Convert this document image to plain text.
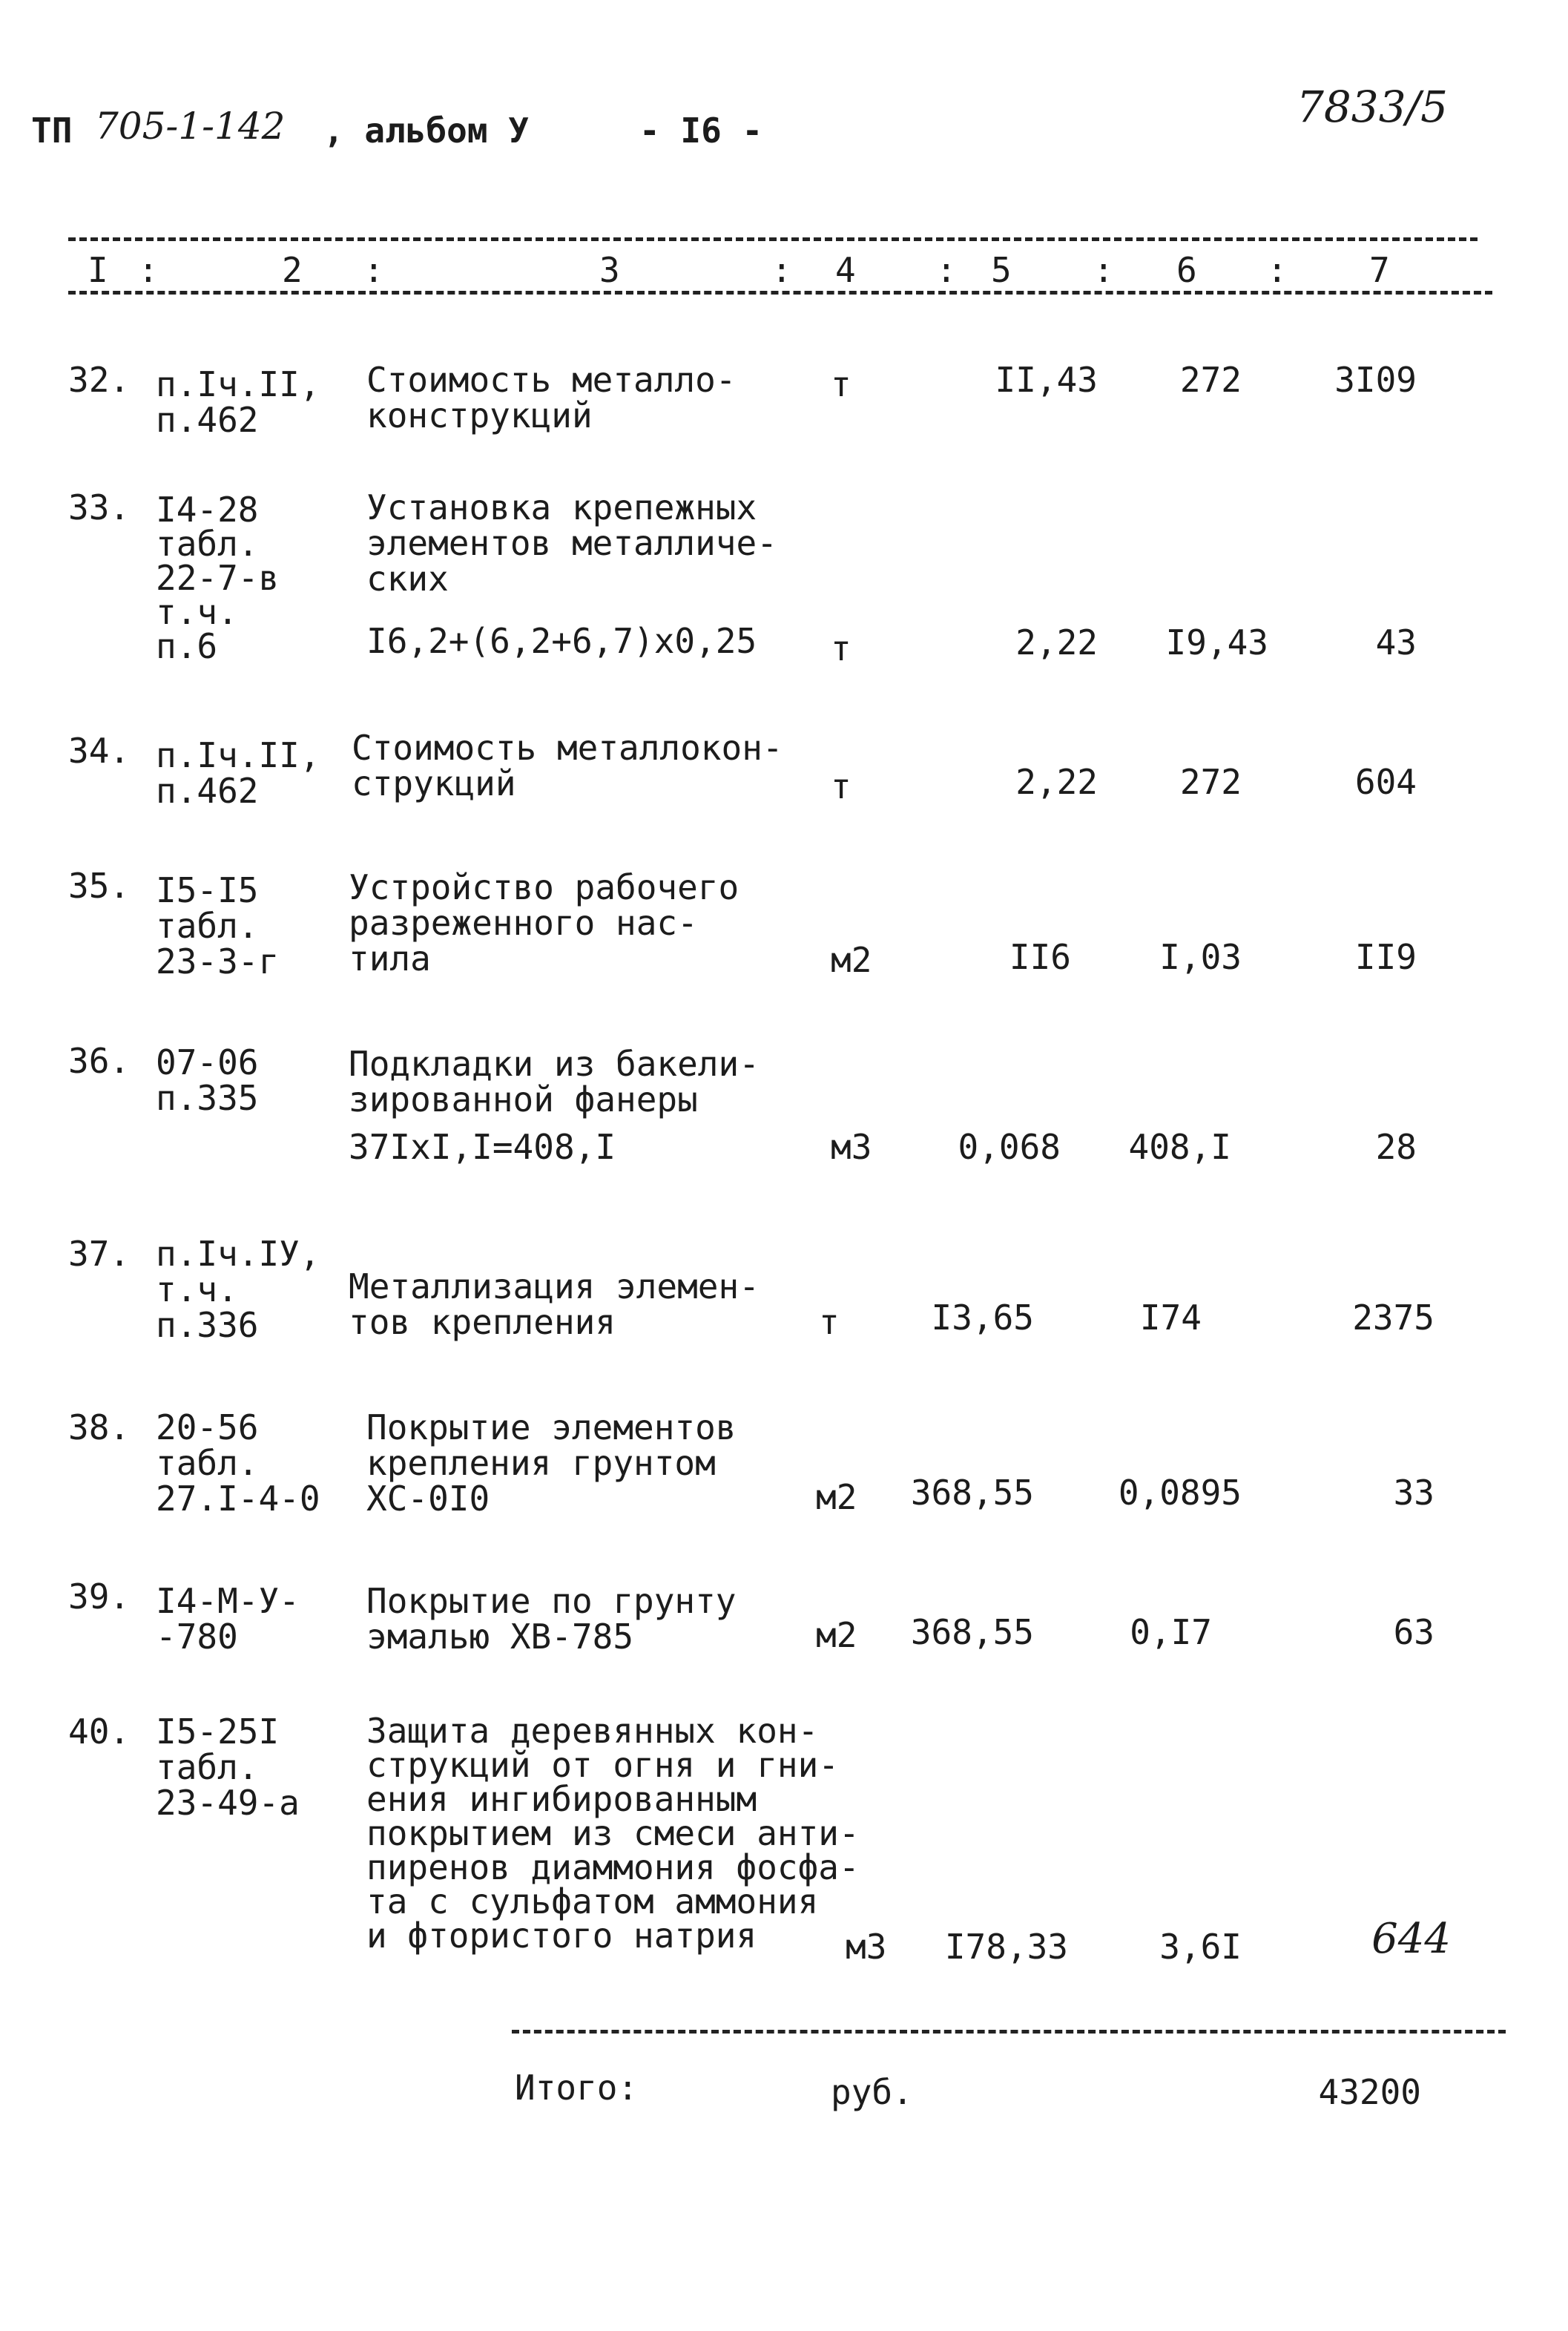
ТП 705-1-142 , альбом У	- I6 -	7833/5
I	2	3	4	5	6	7
:	:	:	:	:	:
32. п.Iч.II,
п.462
Стоимость металло-
конструкций
т	II,43	272	3I09
33. I4-28
табл.
22-7-в
т.ч.
п.6
Установка крепежных
элементов металличе-
ских
I6,2+(6,2+6,7)x0,25 т	2,22	I9,43	43
34. п.Iч.II,
п.462
Стоимость металлокон-
струкций	т	2,22	272	604
35. I5-I5
табл.
23-3-г
Устройство рабочего
разреженного нас-
тила	м2	II6	I,03	II9
36. 07-06
п.335
Подкладки из бакели-
зированной фанеры
37IxI,I=408,I	м3	0,068	408,I	28
37. п.Iч.IУ,
т.ч.
п.336
Металлизация элемен-
тов крепления	т	I3,65	I74	2375
38. 20-56
табл.
27.I-4-0
Покрытие элементов
крепления грунтом
ХС-0I0	м2	368,55	0,0895	33
39. I4-М-У-
-780
Покрытие по грунту
эмалью ХВ-785	м2	368,55	0,I7	63
40. I5-25I
табл.
23-49-а
Защита деревянных кон-
струкций от огня и гни-
ения ингибированным
покрытием из смеси анти-
пиренов диаммония фосфа-
та с сульфатом аммония
и фтористого натрия	м3	I78,33	3,6I	644
Итого:	руб.	43200
